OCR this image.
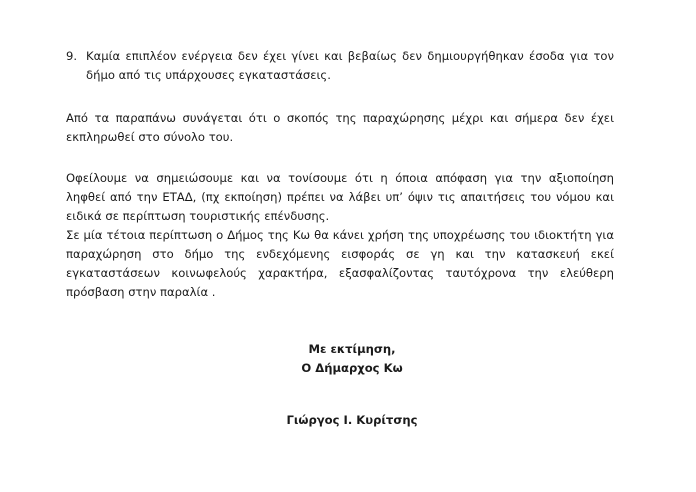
9. Καμία επιπλέον ενέργεια δεν έχει γίνει και βεβαίως δεν δημιουργήθηκαν έσοδα για τον
δήμο από τις υπάρχουσες εγκαταστάσεις.
Από τα παραπάνω συνάγεται ότι ο σκοπός της παραχώρησης μέχρι και σήμερα δεν έχει
εκπληρωθεί στο σύνολο του.
Οφείλουμε να σημειώσουμε και να τονίσουμε ότι η όποια απόφαση για την αξιοποίηση
ληφθεί από την ΕΤΑΔ, (πχ εκποίηση) πρέπει να λάβει υπ’ όψιν τις απαιτήσεις του νόμου και
ειδικά σε περίπτωση τουριστικής επένδυσης.
Σε μία τέτοια περίπτωση ο Δήμος της Κω θα κάνει χρήση της υποχρέωσης του ιδιοκτήτη για
παραχώρηση στο δήμο της ενδεχόμενης εισφοράς σε γη και την κατασκευή εκεί
εγκαταστάσεων κοινωφελούς χαρακτήρα, εξασφαλίζοντας ταυτόχρονα την ελεύθερη
πρόσβαση στην παραλία .
Με εκτίμηση,
Ο Δήμαρχος Κω
Γιώργος Ι. Κυρίτσης
